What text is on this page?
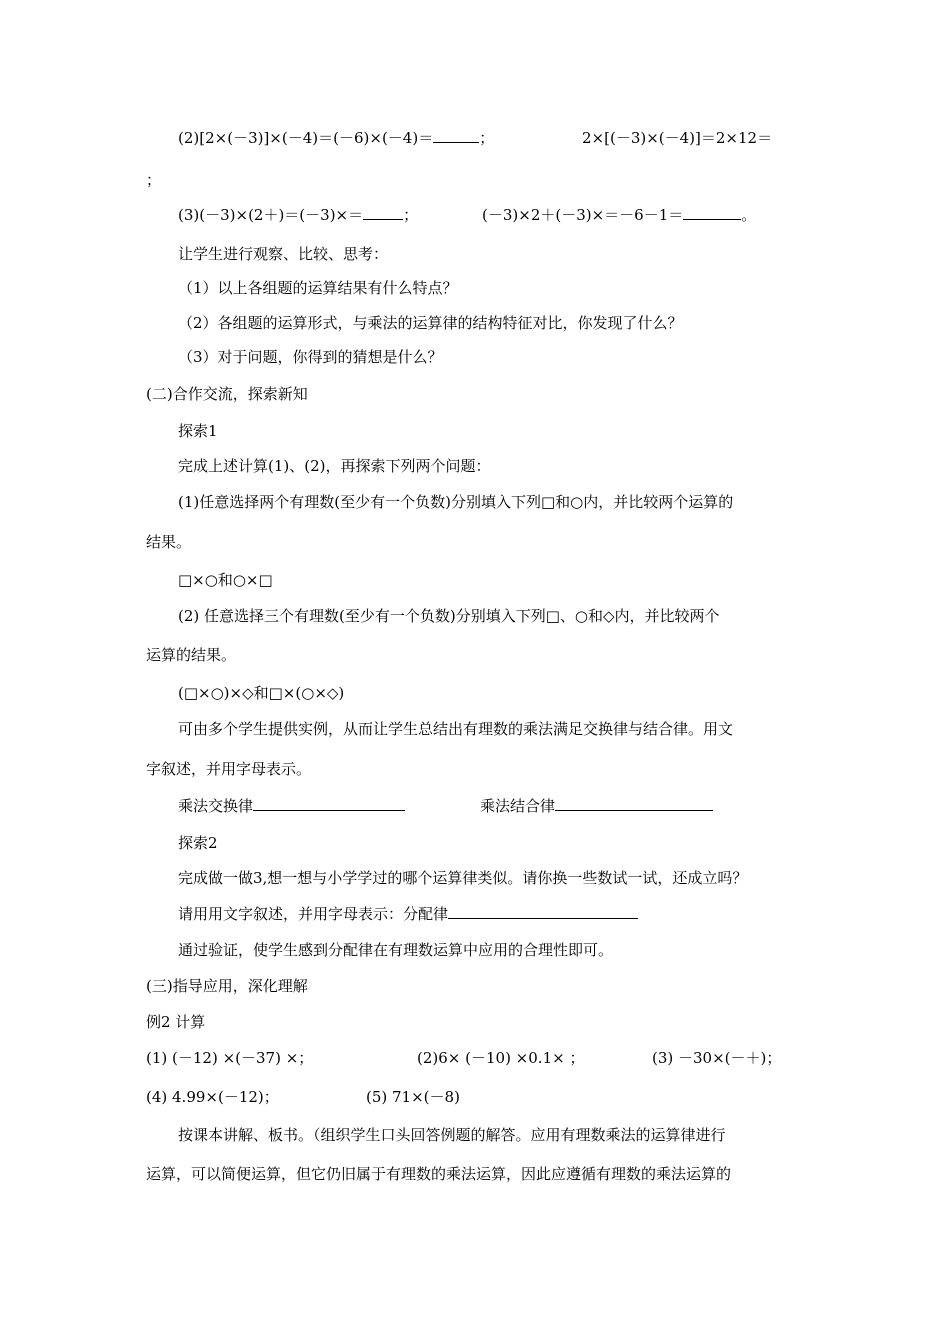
(2)[2×(－3)]×(－4)＝(－6)×(－4)＝	；	2×[(－3)×(－4)]＝2×12＝
；
(3)(－3)×(2＋)＝(－3)×＝	；	(－3)×2＋(－3)×＝－6－1＝	。
让学生进行观察、比较、思考：
（1）以上各组题的运算结果有什么特点？
（2）各组题的运算形式，与乘法的运算律的结构特征对比，你发现了什么？
（3）对于问题，你得到的猜想是什么？
(二)合作交流，探索新知
探索1
完成上述计算(1)、(2)，再探索下列两个问题：
(1)任意选择两个有理数(至少有一个负数)分别填入下列□和○内，并比较两个运算的
结果。
□×○和○×□
(2) 任意选择三个有理数(至少有一个负数)分别填入下列□、○和◇内，并比较两个
运算的结果。
(□×○)×◇和□×(○×◇)
可由多个学生提供实例，从而让学生总结出有理数的乘法满足交换律与结合律。用文
字叙述，并用字母表示。
乘法交换律	乘法结合律
探索2
完成做一做3,想一想与小学学过的哪个运算律类似。请你换一些数试一试，还成立吗？
请用用文字叙述，并用字母表示：分配律
通过验证，使学生感到分配律在有理数运算中应用的合理性即可。
(三)指导应用，深化理解
例2 计算
(1) (－12) ×(－37) ×；	(2)6× (－10) ×0.1× ；	(3) －30×(－＋)；
(4) 4.99×(－12)；	(5) 71×(－8)
按课本讲解、板书。（组织学生口头回答例题的解答。应用有理数乘法的运算律进行
运算，可以简便运算，但它仍旧属于有理数的乘法运算，因此应遵循有理数的乘法运算的
